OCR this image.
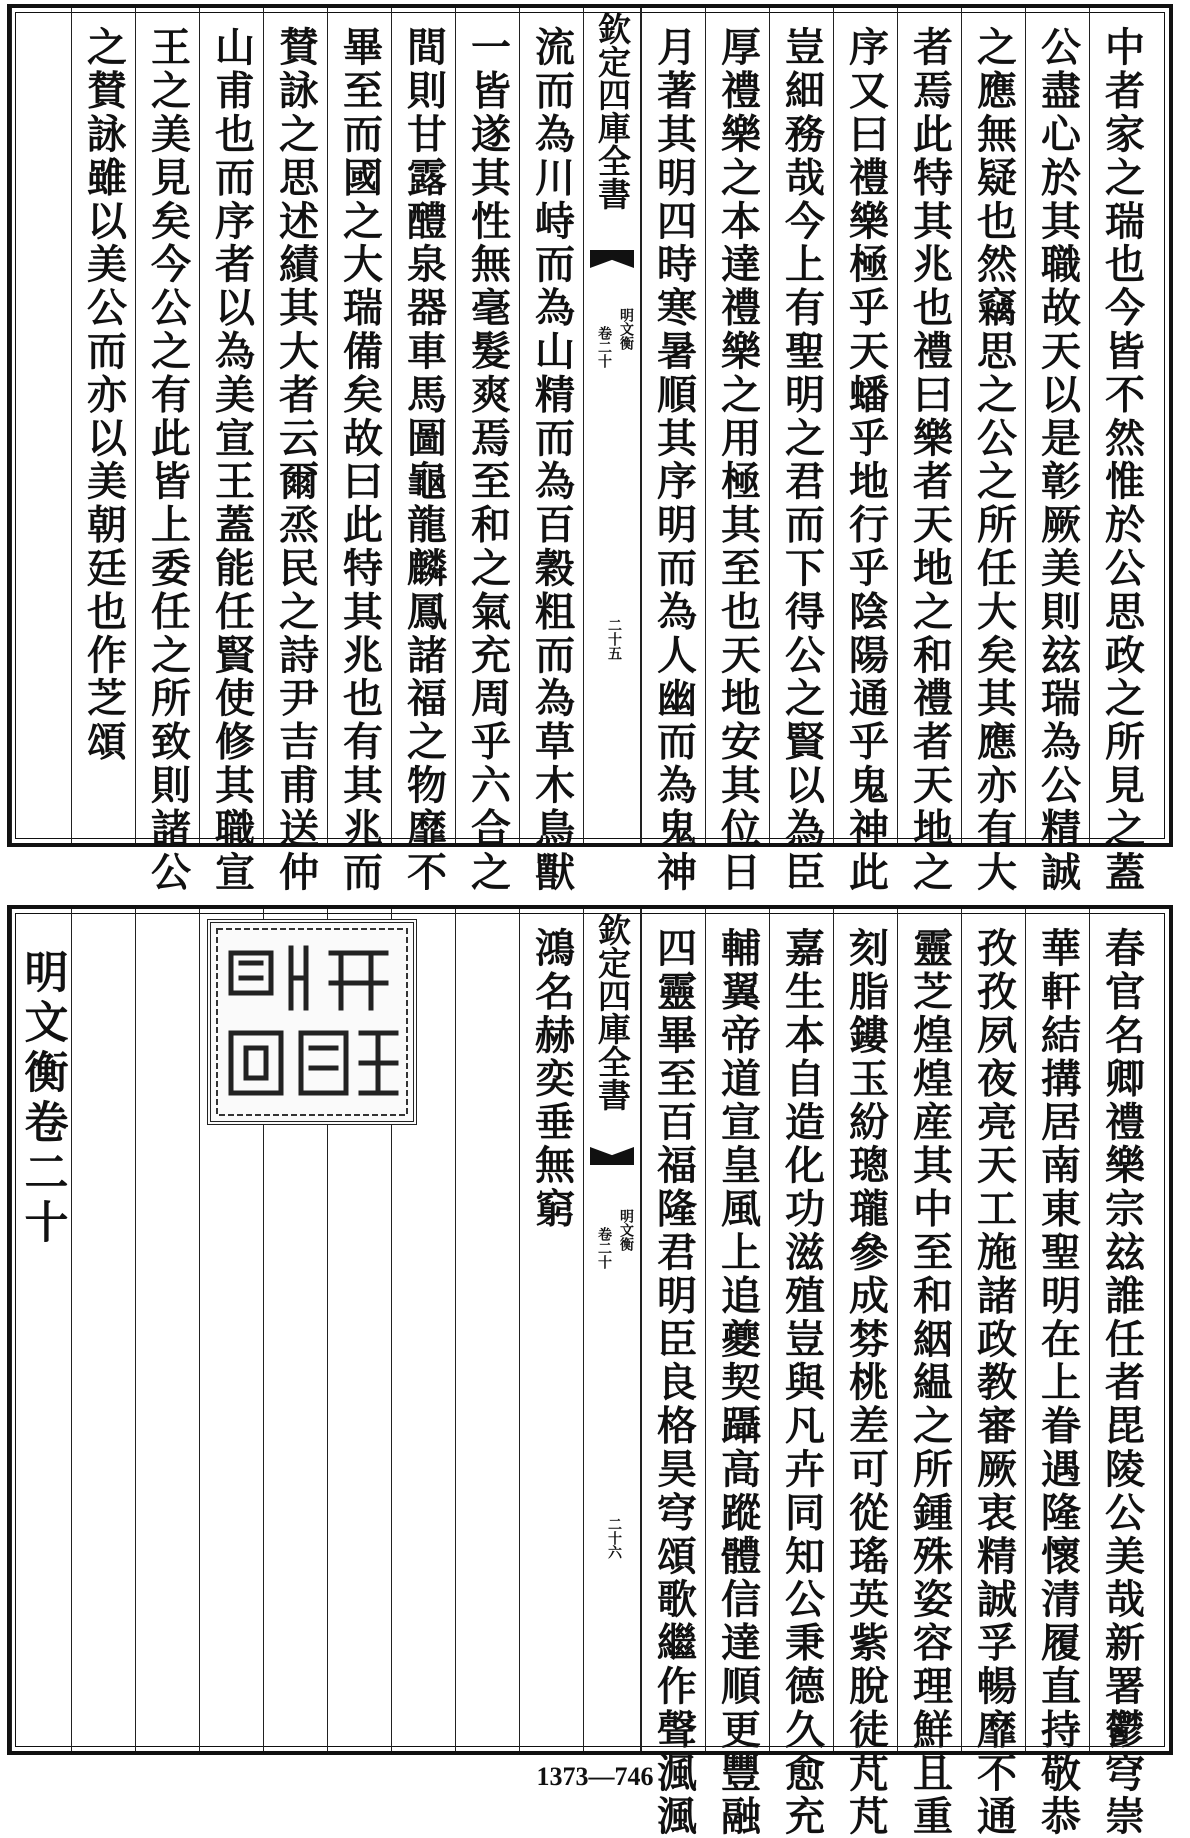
中者家之瑞也今皆不然惟於公思政之所見之蓋
公盡心於其職故天以是彰厥美則玆瑞為公精誠
之應無疑也然竊思之公之所任大矣其應亦有大
者焉此特其兆也禮曰樂者天地之和禮者天地之
序又曰禮樂極乎天蟠乎地行乎陰陽通乎鬼神此
豈細務哉今上有聖明之君而下得公之賢以為臣
厚禮樂之本達禮樂之用極其至也天地安其位日
月著其明四時寒暑順其序明而為人幽而為鬼神
欽定四庫全書
明文衡
卷二十
二十五
流而為川峙而為山精而為百穀粗而為草木鳥獸
一皆遂其性無毫髮爽焉至和之氣充周乎六合之
間則甘露醴泉器車馬圖龜龍麟鳳諸福之物靡不
畢至而國之大瑞備矣故曰此特其兆也有其兆而
賛詠之思述績其大者云爾烝民之詩尹吉甫送仲
山甫也而序者以為美宣王蓋能任賢使修其職宣
王之美見矣今公之有此皆上委任之所致則諸公
之賛詠雖以美公而亦以美朝廷也作芝頌
春官名卿禮樂宗玆誰任者毘陵公美哉新署鬱穹崇
華軒結搆居南東聖明在上眷遇隆懷清履直持敬恭
孜孜夙夜亮天工施諸政教審厥衷精誠孚暢靡不通
靈芝煌煌産其中至和絪緼之所鍾殊姿容理鮮且重
刻脂鏤玉紛璁瓏參成棼桃差可從瑤英紫脫徒芃芃
嘉生本自造化功滋殖豈與凡卉同知公秉德久愈充
輔翼帝道宣皇風上追夔契躡高蹤體信達順更豐融
四靈畢至百福隆君明臣良格昊穹頌歌繼作聲渢渢
欽定四庫全書
明文衡
卷二十
二十六
鴻名赫奕垂無窮
明文衡卷二十
1373—746
